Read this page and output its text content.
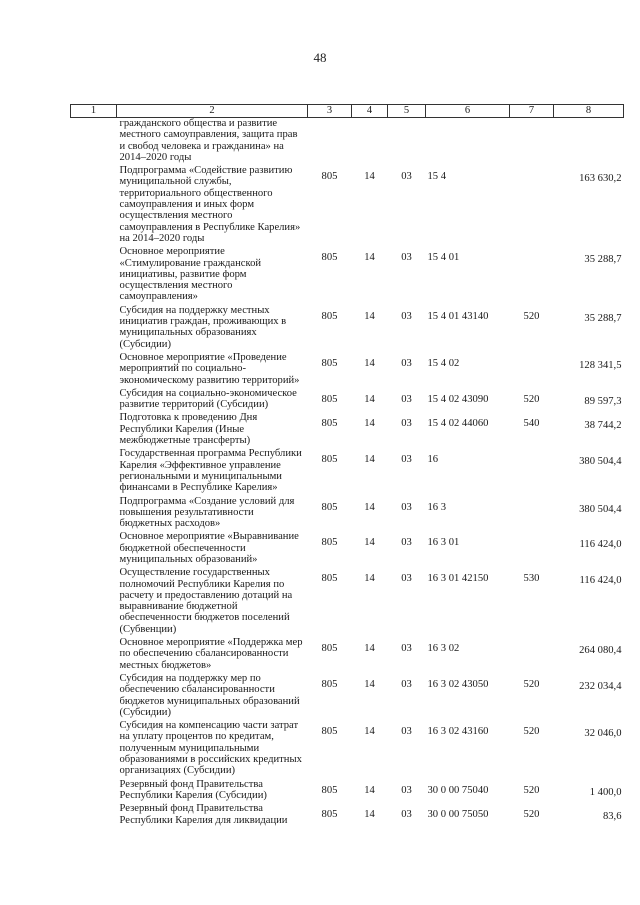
48
1	2	3	4	5	6	7	8
	гражданского общества и развитие местного самоуправления, защита прав и свобод человека и гражданина» на 2014–2020 годы						
	Подпрограмма «Содействие развитию муниципальной службы, территориального общественного самоуправления и иных форм осуществления местного самоуправления в Республике Карелия» на 2014–2020 годы	805	14	03	15 4		163 630,2
	Основное мероприятие «Стимулирование гражданской инициативы, развитие форм осуществления местного самоуправления»	805	14	03	15 4 01		35 288,7
	Субсидия на поддержку местных инициатив граждан, проживающих в муниципальных образованиях (Субсидии)	805	14	03	15 4 01 43140	520	35 288,7
	Основное мероприятие «Проведение мероприятий по социально-экономическому развитию территорий»	805	14	03	15 4 02		128 341,5
	Субсидия на социально-экономическое развитие территорий (Субсидии)	805	14	03	15 4 02 43090	520	89 597,3
	Подготовка к проведению Дня Республики Карелия (Иные межбюджетные трансферты)	805	14	03	15 4 02 44060	540	38 744,2
	Государственная программа Республики Карелия «Эффективное управление региональными и муниципальными финансами в Республике Карелия»	805	14	03	16		380 504,4
	Подпрограмма «Создание условий для повышения результативности бюджетных расходов»	805	14	03	16 3		380 504,4
	Основное мероприятие «Выравнивание бюджетной обеспеченности муниципальных образований»	805	14	03	16 3 01		116 424,0
	Осуществление государственных полномочий Республики Карелия по расчету и предоставлению дотаций на выравнивание бюджетной обеспеченности бюджетов поселений (Субвенции)	805	14	03	16 3 01 42150	530	116 424,0
	Основное мероприятие «Поддержка мер по обеспечению сбалансированности местных бюджетов»	805	14	03	16 3 02		264 080,4
	Субсидия на поддержку мер по обеспечению сбалансированности бюджетов муниципальных образований (Субсидии)	805	14	03	16 3 02 43050	520	232 034,4
	Субсидия на компенсацию части затрат на уплату процентов по кредитам, полученным муниципальными образованиями в российских кредитных организациях (Субсидии)	805	14	03	16 3 02 43160	520	32 046,0
	Резервный фонд Правительства Республики Карелия (Субсидии)	805	14	03	30 0 00 75040	520	1 400,0
	Резервный фонд Правительства Республики Карелия для ликвидации	805	14	03	30 0 00 75050	520	83,6
